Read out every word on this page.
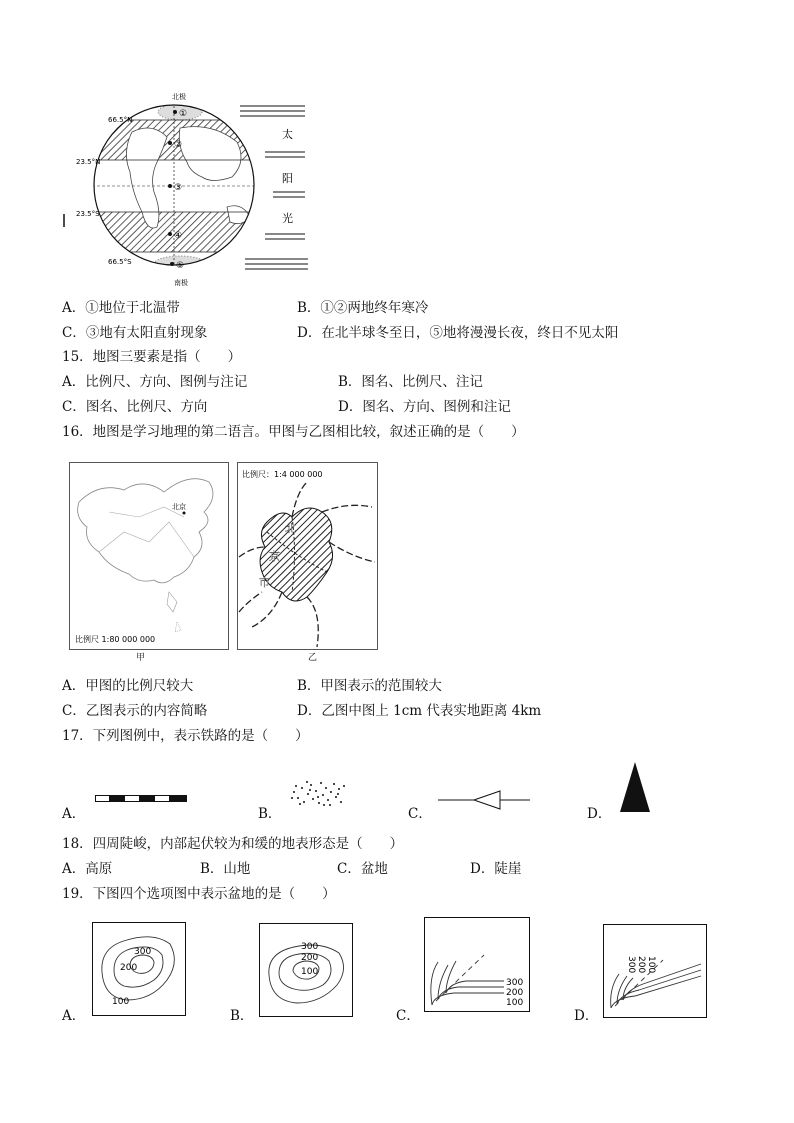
①
②
③
④
⑤
66.5°N
23.5°N
23.5°S
66.5°S
北极
南极
太
阳
光
A．①地位于北温带	B．①②两地终年寒冷
C．③地有太阳直射现象	D．在北半球冬至日，⑤地将漫漫长夜，终日不见太阳
15．地图三要素是指（　　）
A．比例尺、方向、图例与注记	B．图名、比例尺、注记
C．图名、比例尺、方向	D．图名、方向、图例和注记
16．地图是学习地理的第二语言。甲图与乙图相比较，叙述正确的是（　　）
北京
比例尺 1:80 000 000
甲
比例尺：1:4 000 000
北
京
市
乙
A．甲图的比例尺较大	B．甲图表示的范围较大
C．乙图表示的内容简略	D．乙图中图上 1cm 代表实地距离 4km
17．下列图例中，表示铁路的是（　　）
A．	B．	C．	D．
18．四周陡峻，内部起伏较为和缓的地表形态是（　　）
A．高原	B．山地	C．盆地	D．陡崖
19．下图四个选项图中表示盆地的是（　　）
A．
300
200
100
B．
300
200
100
C．
300
200
100
D．
100
200
300
